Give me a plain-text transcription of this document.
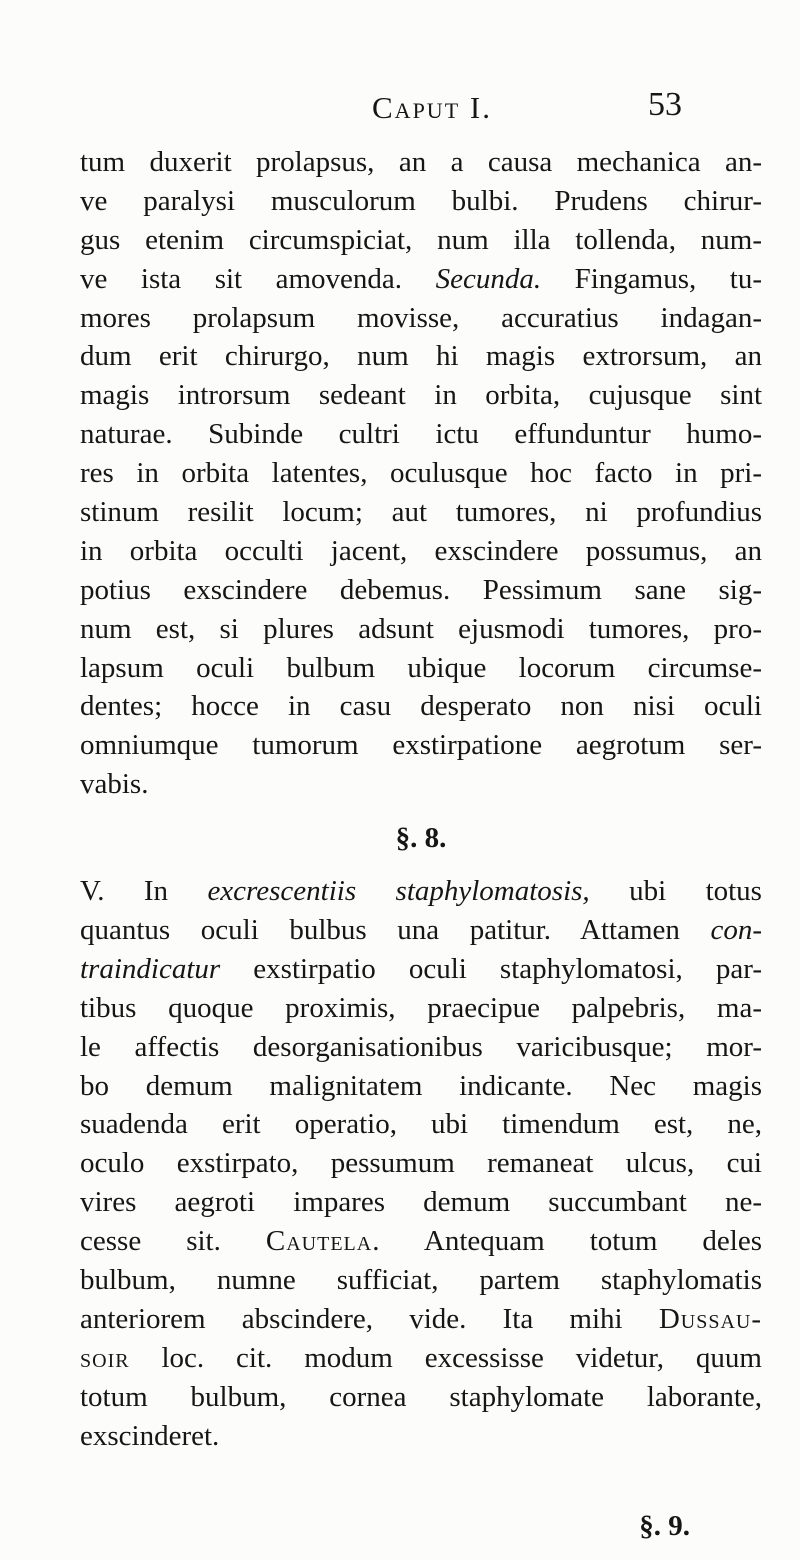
Caput I.	53
tum duxerit prolapsus, an a causa mechanica an-
ve paralysi musculorum bulbi. Prudens chirur-
gus etenim circumspiciat, num illa tollenda, num-
ve ista sit amovenda. Secunda. Fingamus, tu-
mores prolapsum movisse, accuratius indagan-
dum erit chirurgo, num hi magis extrorsum, an
magis introrsum sedeant in orbita, cujusque sint
naturae. Subinde cultri ictu effunduntur humo-
res in orbita latentes, oculusque hoc facto in pri-
stinum resilit locum; aut tumores, ni profundius
in orbita occulti jacent, exscindere possumus, an
potius exscindere debemus. Pessimum sane sig-
num est, si plures adsunt ejusmodi tumores, pro-
lapsum oculi bulbum ubique locorum circumse-
dentes; hocce in casu desperato non nisi oculi
omniumque tumorum exstirpatione aegrotum ser-
vabis.
§. 8.
V. In excrescentiis staphylomatosis, ubi totus
quantus oculi bulbus una patitur. Attamen con-
traindicatur exstirpatio oculi staphylomatosi, par-
tibus quoque proximis, praecipue palpebris, ma-
le affectis desorganisationibus varicibusque; mor-
bo demum malignitatem indicante. Nec magis
suadenda erit operatio, ubi timendum est, ne,
oculo exstirpato, pessumum remaneat ulcus, cui
vires aegroti impares demum succumbant ne-
cesse sit. Cautela. Antequam totum deles
bulbum, numne sufficiat, partem staphylomatis
anteriorem abscindere, vide. Ita mihi Dussau-
soir loc. cit. modum excessisse videtur, quum
totum bulbum, cornea staphylomate laborante,
exscinderet.
§. 9.
